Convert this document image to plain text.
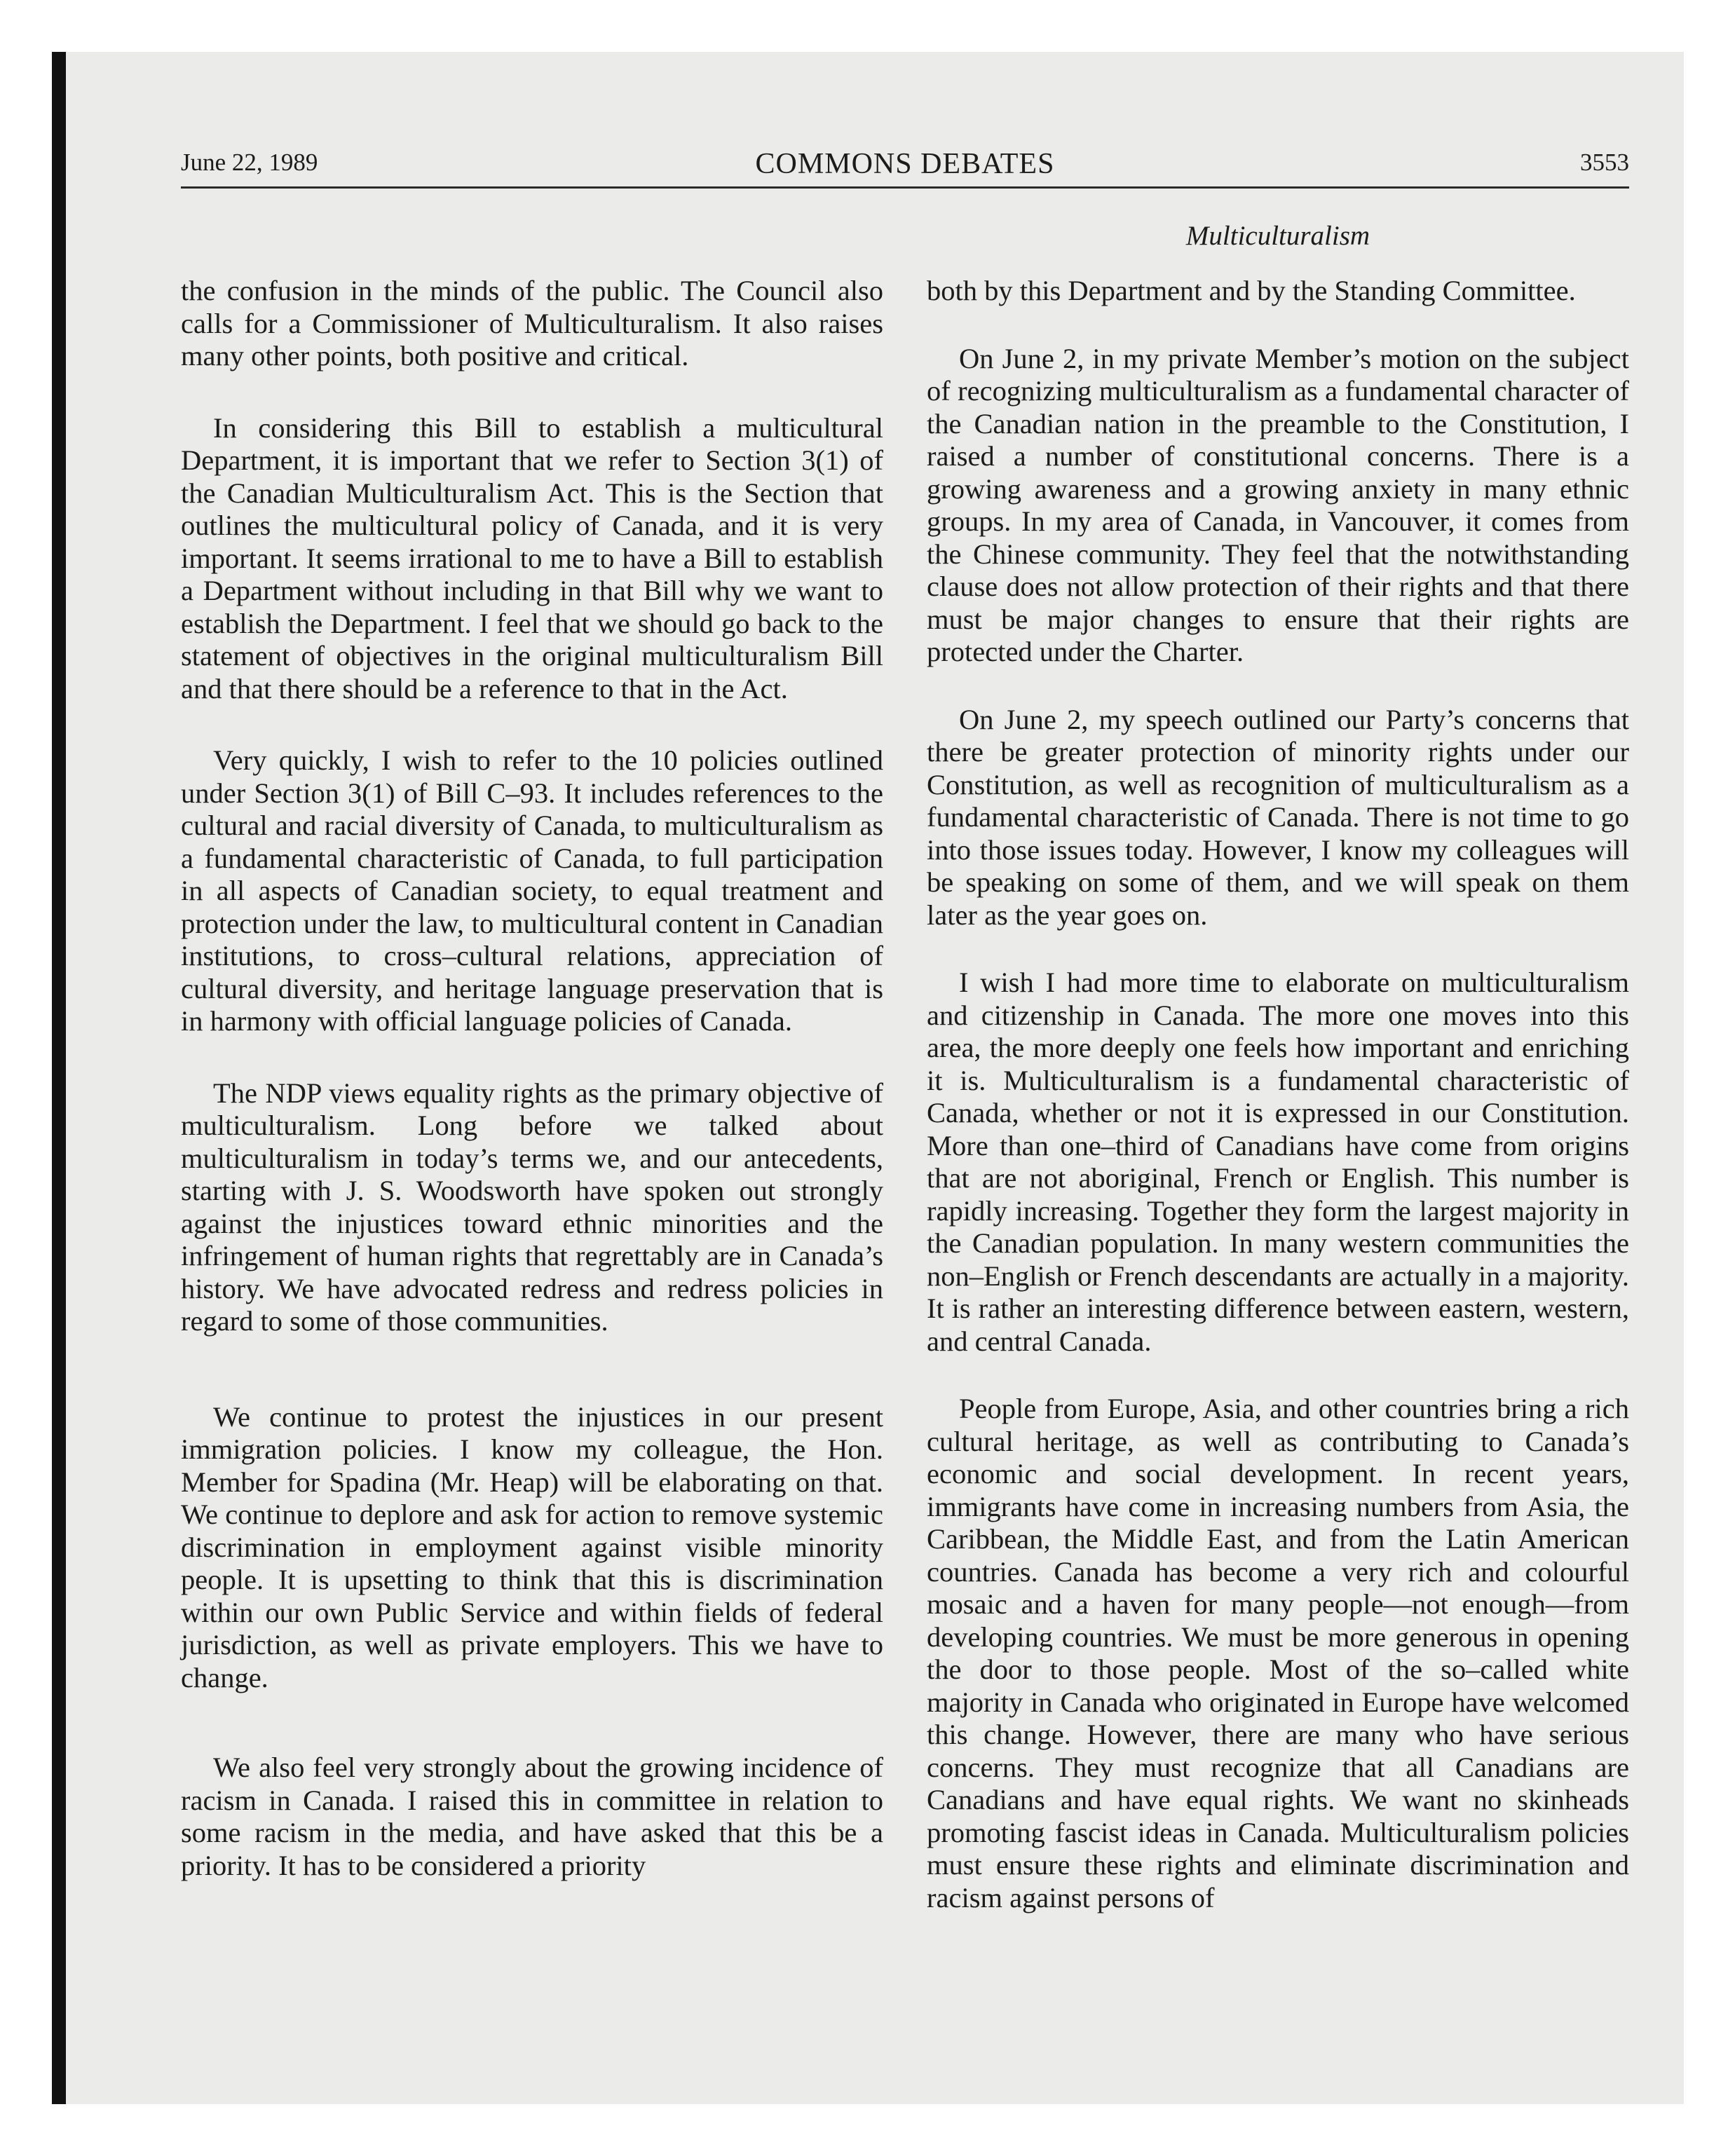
June 22, 1989	COMMONS DEBATES	3553
Multiculturalism

the confusion in the minds of the public. The Council also calls for a Commissioner of Multiculturalism. It also raises many other points, both positive and critical.

In considering this Bill to establish a multicultural Department, it is important that we refer to Section 3(1) of the Canadian Multiculturalism Act. This is the Section that outlines the multicultural policy of Canada, and it is very important. It seems irrational to me to have a Bill to establish a Department without including in that Bill why we want to establish the Department. I feel that we should go back to the statement of objectives in the original multiculturalism Bill and that there should be a reference to that in the Act.

Very quickly, I wish to refer to the 10 policies outlined under Section 3(1) of Bill C–93. It includes references to the cultural and racial diversity of Canada, to multiculturalism as a fundamental characteristic of Canada, to full participation in all aspects of Canadian society, to equal treatment and protection under the law, to multicultural content in Canadian institutions, to cross–cultural relations, appreciation of cultural diversity, and heritage language preservation that is in harmony with official language policies of Canada.

The NDP views equality rights as the primary objective of multiculturalism. Long before we talked about multiculturalism in today’s terms we, and our antecedents, starting with J. S. Woodsworth have spoken out strongly against the injustices toward ethnic minorities and the infringement of human rights that regrettably are in Canada’s history. We have advocated redress and redress policies in regard to some of those communities.

We continue to protest the injustices in our present immigration policies. I know my colleague, the Hon. Member for Spadina (Mr. Heap) will be elaborating on that. We continue to deplore and ask for action to remove systemic discrimination in employment against visible minority people. It is upsetting to think that this is discrimination within our own Public Service and within fields of federal jurisdiction, as well as private employers. This we have to change.

We also feel very strongly about the growing incidence of racism in Canada. I raised this in committee in relation to some racism in the media, and have asked that this be a priority. It has to be considered a priority

both by this Department and by the Standing Committee.

On June 2, in my private Member’s motion on the subject of recognizing multiculturalism as a fundamental character of the Canadian nation in the preamble to the Constitution, I raised a number of constitutional concerns. There is a growing awareness and a growing anxiety in many ethnic groups. In my area of Canada, in Vancouver, it comes from the Chinese community. They feel that the notwithstanding clause does not allow protection of their rights and that there must be major changes to ensure that their rights are protected under the Charter.

On June 2, my speech outlined our Party’s concerns that there be greater protection of minority rights under our Constitution, as well as recognition of multiculturalism as a fundamental characteristic of Canada. There is not time to go into those issues today. However, I know my colleagues will be speaking on some of them, and we will speak on them later as the year goes on.

I wish I had more time to elaborate on multiculturalism and citizenship in Canada. The more one moves into this area, the more deeply one feels how important and enriching it is. Multiculturalism is a fundamental characteristic of Canada, whether or not it is expressed in our Constitution. More than one–third of Canadians have come from origins that are not aboriginal, French or English. This number is rapidly increasing. Together they form the largest majority in the Canadian population. In many western communities the non–English or French descendants are actually in a majority. It is rather an interesting difference between eastern, western, and central Canada.

People from Europe, Asia, and other countries bring a rich cultural heritage, as well as contributing to Canada’s economic and social development. In recent years, immigrants have come in increasing numbers from Asia, the Caribbean, the Middle East, and from the Latin American countries. Canada has become a very rich and colourful mosaic and a haven for many people—not enough—from developing countries. We must be more generous in opening the door to those people. Most of the so–called white majority in Canada who originated in Europe have welcomed this change. However, there are many who have serious concerns. They must recognize that all Canadians are Canadians and have equal rights. We want no skinheads promoting fascist ideas in Canada. Multiculturalism policies must ensure these rights and eliminate discrimination and racism against persons of
